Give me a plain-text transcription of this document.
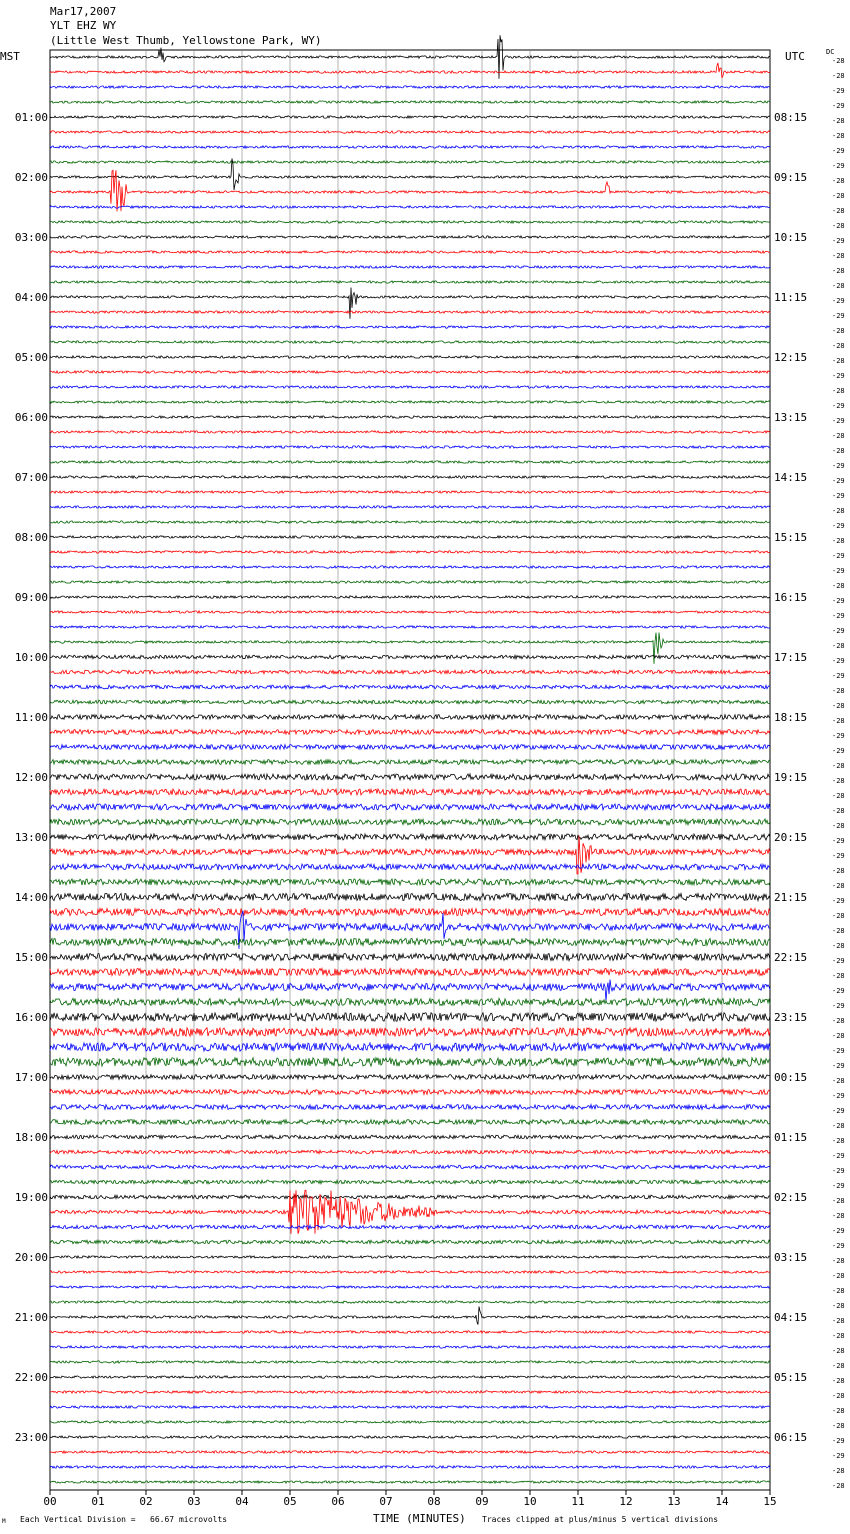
Mar17,2007
YLT EHZ WY
(Little West Thumb, Yellowstone Park, WY)
MST	UTC	DC
00	01	02	03	04	05	06	07	08	09	10	11	12	13	14	15
01:00
02:00
03:00
04:00
05:00
06:00
07:00
08:00
09:00
10:00
11:00
12:00
13:00
14:00
15:00
16:00
17:00
18:00
19:00
20:00
21:00
22:00
23:00
08:15
09:15
10:15
11:15
12:15
13:15
14:15
15:15
16:15
17:15
18:15
19:15
20:15
21:15
22:15
23:15
00:15
01:15
02:15
03:15
04:15
05:15
06:15
-28
-28
-29
-29
-28
-28
-29
-29
-28
-28
-28
-28
-29
-28
-28
-28
-29
-29
-28
-28
-28
-29
-28
-29
-29
-28
-28
-29
-29
-29
-28
-29
-28
-29
-29
-28
-29
-29
-29
-28
-29
-29
-28
-28
-28
-29
-29
-28
-28
-28
-28
-28
-29
-29
-28
-28
-29
-28
-28
-28
-29
-28
-29
-29
-28
-28
-29
-29
-28
-29
-29
-28
-28
-29
-29
-29
-28
-28
-29
-29
-28
-28
-28
-28
-28
-28
-28
-28
-28
-28
-28
-28
-29
-29
-28
-28
M Each Vertical Division =   66.67 microvolts	TIME (MINUTES) Traces clipped at plus/minus 5 vertical divisions
